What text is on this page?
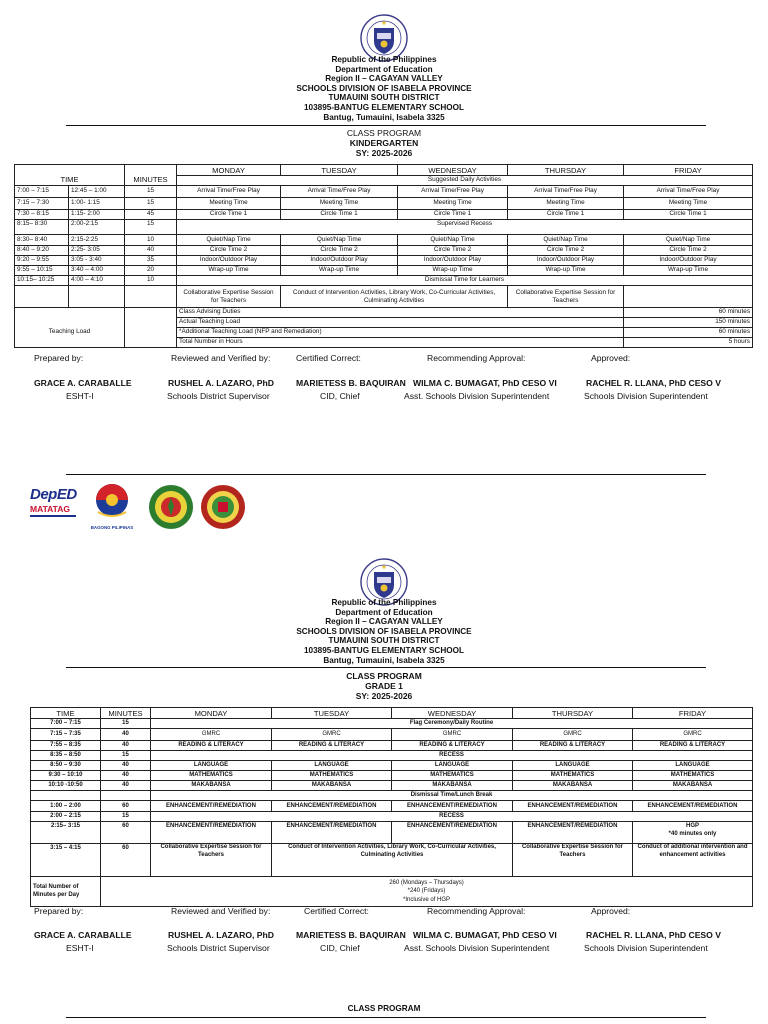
Republic of the Philippines
Department of Education
Region II – CAGAYAN VALLEY
SCHOOLS DIVISION OF ISABELA PROVINCE
TUMAUINI SOUTH DISTRICT
103895-BANTUG ELEMENTARY SCHOOL
Bantug, Tumauini, Isabela 3325
CLASS PROGRAM
KINDERGARTEN
SY: 2025-2026
TIME		MINUTES	MONDAY	TUESDAY	WEDNESDAY	THURSDAY	FRIDAY
			Suggested Daily Activities				
7:00 – 7:15	12:45 – 1:00	15	Arrival Time/Free Play	Arrival Time/Free Play	Arrival Time/Free Play	Arrival Time/Free Play	Arrival Time/Free Play
7:15 – 7:30	1:00- 1:15	15	Meeting Time	Meeting Time	Meeting Time	Meeting Time	Meeting Time
7:30 – 8:15	1:15- 2:00	45	Circle Time 1	Circle Time 1	Circle Time 1	Circle Time 1	Circle Time 1
8:15– 8:30	2:00-2:15	15	Supervised Recess				
8:30– 8:40	2:15-2:25	10	Quiet/Nap Time	Quiet/Nap Time	Quiet/Nap Time	Quiet/Nap Time	Quiet/Nap Time
8:40 – 9:20	2:25- 3:05	40	Circle Time 2	Circle Time 2	Circle Time 2	Circle Time 2	Circle Time 2
9:20 – 9:55	3:05 - 3:40	35	Indoor/Outdoor Play	Indoor/Outdoor Play	Indoor/Outdoor Play	Indoor/Outdoor Play	Indoor/Outdoor Play
9:55 – 10:15	3:40 – 4:00	20	Wrap-up Time	Wrap-up Time	Wrap-up Time	Wrap-up Time	Wrap-up Time
10:15– 10:25	4:00 – 4:10	10	Dismissal Time for Learners				
			Collaborative Expertise Session for Teachers	Conduct of Intervention Activities, Library Work, Co-Curricular Activities, Culminating Activities		Collaborative Expertise Session for Teachers	
Teaching Load			Class Advising Duties				60 minutes
			Actual Teaching Load				150 minutes
			*Additional Teaching Load (NFP and Remediation)				60 minutes
			Total Number in Hours				5 hours
Prepared by:	Reviewed and Verified by:	Certified Correct:	Recommending Approval:	Approved:
GRACE A. CARABALLE
ESHT-I
RUSHEL A. LAZARO, PhD
Schools District Supervisor
MARIETESS B. BAQUIRAN
CID, Chief
WILMA C. BUMAGAT, PhD CESO VI
Asst. Schools Division Superintendent
RACHEL R. LLANA, PhD CESO V
Schools Division Superintendent
DepED
MATATAG
BAGONG PILIPINAS
Republic of the Philippines
Department of Education
Region II – CAGAYAN VALLEY
SCHOOLS DIVISION OF ISABELA PROVINCE
TUMAUINI SOUTH DISTRICT
103895-BANTUG ELEMENTARY SCHOOL
Bantug, Tumauini, Isabela 3325
CLASS PROGRAM
GRADE 1
SY: 2025-2026
TIME	MINUTES	MONDAY	TUESDAY	WEDNESDAY	THURSDAY	FRIDAY
7:00 – 7:15	15	Flag Ceremony/Daily Routine				
7:15 – 7:35	40	GMRC	GMRC	GMRC	GMRC	GMRC
7:55 – 8:35	40	READING & LITERACY	READING & LITERACY	READING & LITERACY	READING & LITERACY	READING & LITERACY
8:35 – 8:50	15	RECESS				
8:50 – 9:30	40	LANGUAGE	LANGUAGE	LANGUAGE	LANGUAGE	LANGUAGE
9:30 – 10:10	40	MATHEMATICS	MATHEMATICS	MATHEMATICS	MATHEMATICS	MATHEMATICS
10:10 -10:50	40	MAKABANSA	MAKABANSA	MAKABANSA	MAKABANSA	MAKABANSA
		Dismissal Time/Lunch Break				
1:00 – 2:00	60	ENHANCEMENT/REMEDIATION	ENHANCEMENT/REMEDIATION	ENHANCEMENT/REMEDIATION	ENHANCEMENT/REMEDIATION	ENHANCEMENT/REMEDIATION
2:00 – 2:15	15	RECESS				
2:15– 3:15	60	ENHANCEMENT/REMEDIATION	ENHANCEMENT/REMEDIATION	ENHANCEMENT/REMEDIATION	ENHANCEMENT/REMEDIATION	HGP
*40 minutes only

3:15 – 4:15	60	Collaborative Expertise Session for Teachers	Conduct of Intervention Activities, Library Work, Co-Curricular Activities, Culminating Activities		Collaborative Expertise Session for Teachers	Conduct of additional intervention and enhancement activities
Total Number of Minutes per Day	260 (Mondays – Thursdays)
*240 (Fridays)
*Inclusive of HGP					
Prepared by:	Reviewed and Verified by:	Certified Correct:	Recommending Approval:	Approved:
GRACE A. CARABALLE
ESHT-I
RUSHEL A. LAZARO, PhD
Schools District Supervisor
MARIETESS B. BAQUIRAN
CID, Chief
WILMA C. BUMAGAT, PhD CESO VI
Asst. Schools Division Superintendent
RACHEL R. LLANA, PhD CESO V
Schools Division Superintendent
CLASS PROGRAM
